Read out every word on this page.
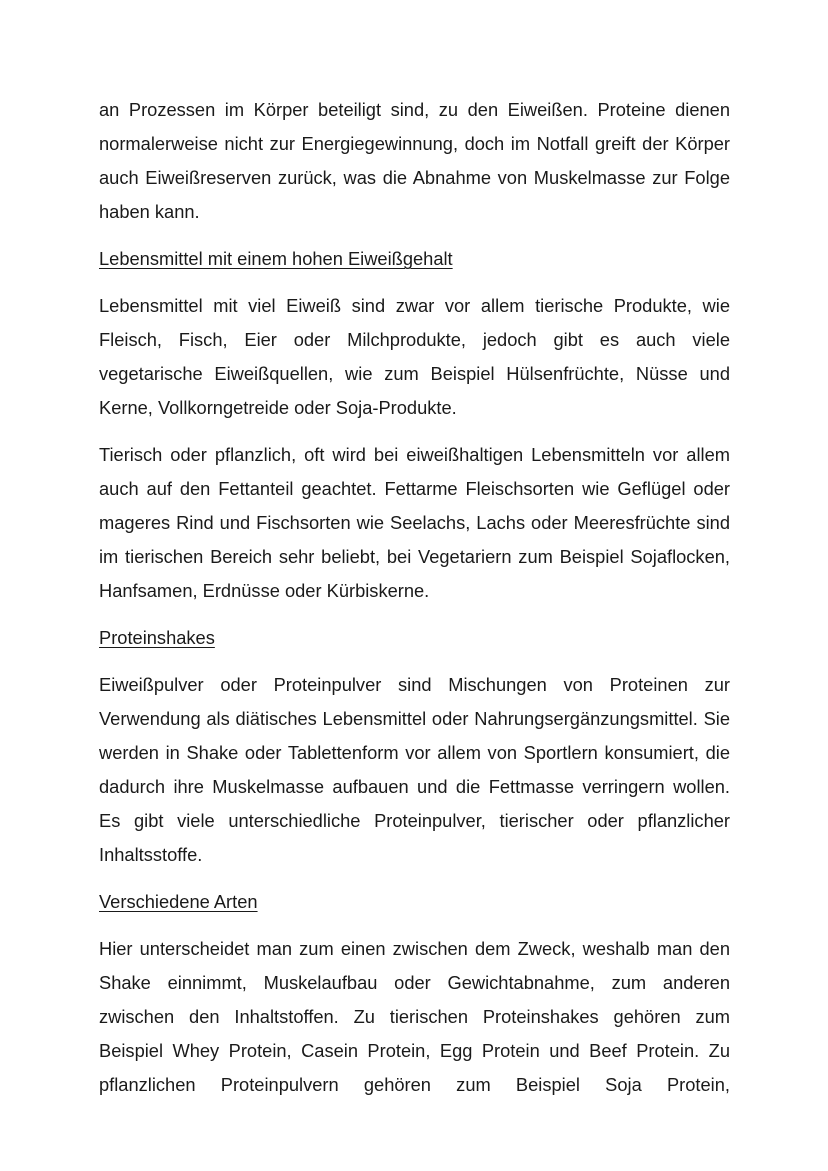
an Prozessen im Körper beteiligt sind, zu den Eiweißen. Proteine dienen normalerweise nicht zur Energiegewinnung, doch im Notfall greift der Körper auch Eiweißreserven zurück, was die Abnahme von Muskelmasse zur Folge haben kann.

Lebensmittel mit einem hohen Eiweißgehalt

Lebensmittel mit viel Eiweiß sind zwar vor allem tierische Produkte, wie Fleisch, Fisch, Eier oder Milchprodukte, jedoch gibt es auch viele vegetarische Eiweißquellen, wie zum Beispiel Hülsenfrüchte, Nüsse und Kerne, Vollkorngetreide oder Soja-Produkte.

Tierisch oder pflanzlich, oft wird bei eiweißhaltigen Lebensmitteln vor allem auch auf den Fettanteil geachtet. Fettarme Fleischsorten wie Geflügel oder mageres Rind und Fischsorten wie Seelachs, Lachs oder Meeresfrüchte sind im tierischen Bereich sehr beliebt, bei Vegetariern zum Beispiel Sojaflocken, Hanfsamen, Erdnüsse oder Kürbiskerne.

Proteinshakes

Eiweißpulver oder Proteinpulver sind Mischungen von Proteinen zur Verwendung als diätisches Lebensmittel oder Nahrungsergänzungsmittel. Sie werden in Shake oder Tablettenform vor allem von Sportlern konsumiert, die dadurch ihre Muskelmasse aufbauen und die Fettmasse verringern wollen. Es gibt viele unterschiedliche Proteinpulver, tierischer oder pflanzlicher Inhaltsstoffe.

Verschiedene Arten

Hier unterscheidet man zum einen zwischen dem Zweck, weshalb man den Shake einnimmt, Muskelaufbau oder Gewichtabnahme, zum anderen zwischen den Inhaltstoffen. Zu tierischen Proteinshakes gehören zum Beispiel Whey Protein, Casein Protein, Egg Protein und Beef Protein. Zu pflanzlichen Proteinpulvern gehören zum Beispiel Soja Protein,
